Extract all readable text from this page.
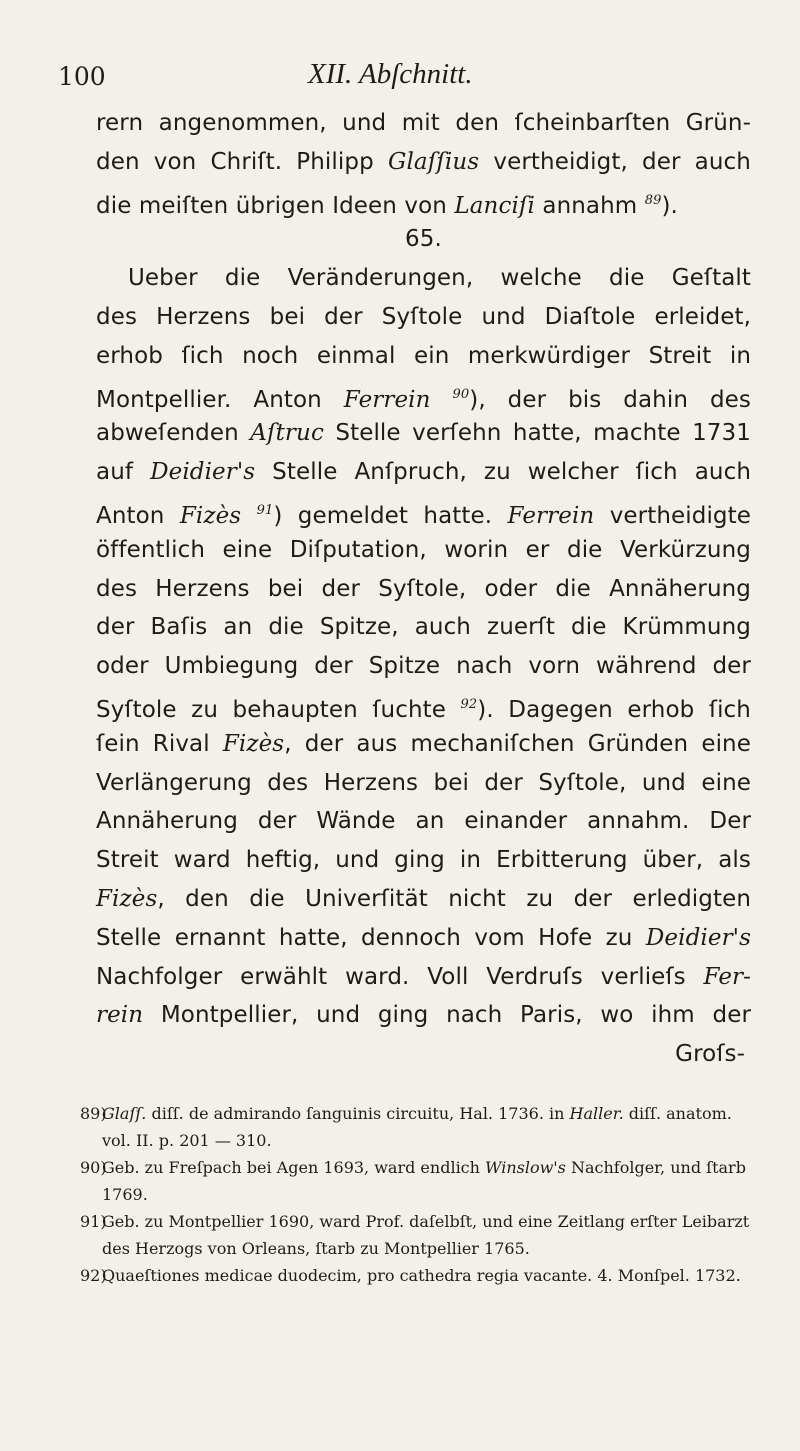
100	XII. Abſchnitt.
rern angenommen, und mit den ſcheinbarſten Grün-
den von Chriſt. Philipp Glaſſius vertheidigt, der auch
die meiſten übrigen Ideen von Lanciſi annahm $^{89}$).
65.
Ueber die Veränderungen, welche die Geſtalt
des Herzens bei der Syſtole und Diaſtole erleidet,
erhob ſich noch einmal ein merkwürdiger Streit in
Montpellier. Anton Ferrein $^{90}$), der bis dahin des
abweſenden Aſtruc Stelle verſehn hatte, machte 1731
auf Deidier's Stelle Anſpruch, zu welcher ſich auch
Anton Fizès $^{91}$) gemeldet hatte. Ferrein vertheidigte
öffentlich eine Diſputation, worin er die Verkürzung
des Herzens bei der Syſtole, oder die Annäherung
der Baſis an die Spitze, auch zuerſt die Krümmung
oder Umbiegung der Spitze nach vorn während der
Syſtole zu behaupten ſuchte $^{92}$). Dagegen erhob ſich
ſein Rival Fizès, der aus mechaniſchen Gründen eine
Verlängerung des Herzens bei der Syſtole, und eine
Annäherung der Wände an einander annahm. Der
Streit ward heftig, und ging in Erbitterung über, als
Fizès, den die Univerſität nicht zu der erledigten
Stelle ernannt hatte, dennoch vom Hofe zu Deidier's
Nachfolger erwählt ward. Voll Verdruſs verlieſs Fer-
rein Montpellier, und ging nach Paris, wo ihm der
Groſs-
89)
Glaſſ. diſſ. de admirando ſanguinis circuitu, Hal. 1736. in Haller. diſſ. anatom. vol. II. p. 201 — 310.
90)
Geb. zu Freſpach bei Agen 1693, ward endlich Winslow's Nachfolger, und ſtarb 1769.
91)
Geb. zu Montpellier 1690, ward Prof. daſelbſt, und eine Zeitlang erſter Leibarzt des Herzogs von Orleans, ſtarb zu Montpellier 1765.
92)
Quaeſtiones medicae duodecim, pro cathedra regia vacante. 4. Monſpel. 1732.
